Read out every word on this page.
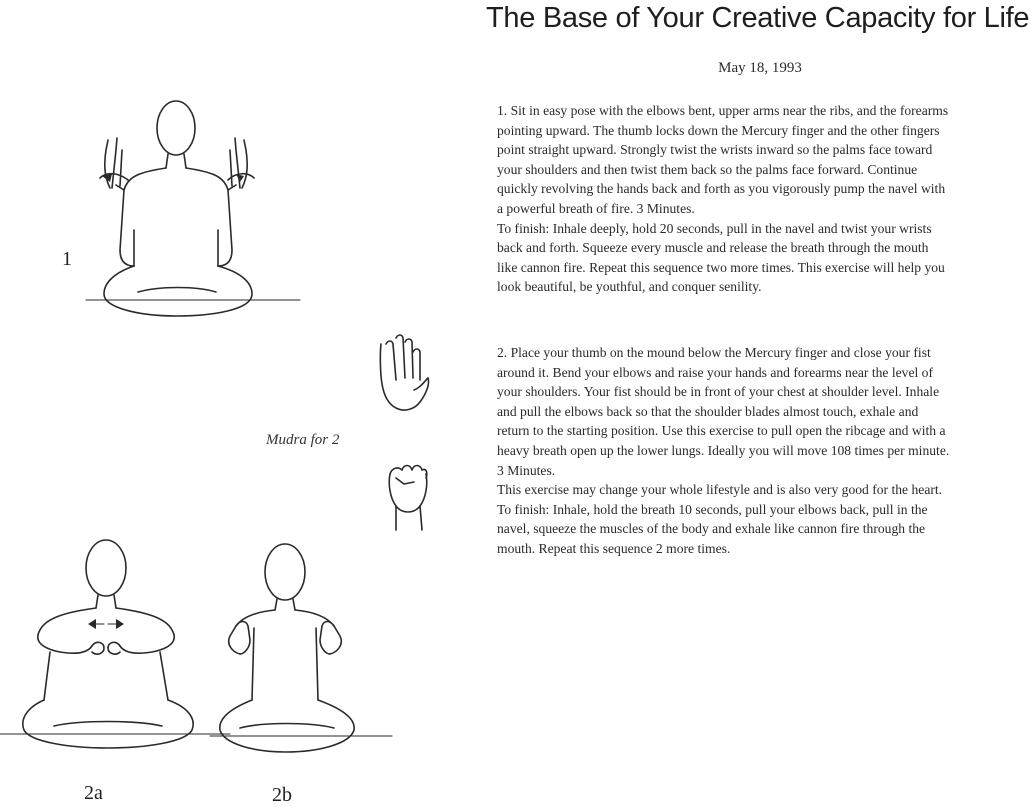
The Base of Your Creative Capacity for Life
May 18, 1993

1. Sit in easy pose with the elbows bent, upper arms near the ribs, and the forearms

pointing upward. The thumb locks down the Mercury finger and the other fingers

point straight upward. Strongly twist the wrists inward so the palms face toward

your shoulders and then twist them back so the palms face forward. Continue

quickly revolving the hands back and forth as you vigorously pump the navel with

a powerful breath of fire. 3 Minutes.

To finish: Inhale deeply, hold 20 seconds, pull in the navel and twist your wrists

back and forth. Squeeze every muscle and release the breath through the mouth

like cannon fire. Repeat this sequence two more times. This exercise will help you

look beautiful, be youthful, and conquer senility.

2. Place your thumb on the mound below the Mercury finger and close your fist

around it. Bend your elbows and raise your hands and forearms near the level of

your shoulders. Your fist should be in front of your chest at shoulder level. Inhale

and pull the elbows back so that the shoulder blades almost touch, exhale and

return to the starting position. Use this exercise to pull open the ribcage and with a

heavy breath open up the lower lungs. Ideally you will move 108 times per minute.

3 Minutes.

This exercise may change your whole lifestyle and is also very good for the heart.

To finish: Inhale, hold the breath 10 seconds, pull your elbows back, pull in the

navel, squeeze the muscles of the body and exhale like cannon fire through the

mouth. Repeat this sequence 2 more times.

1
Mudra for 2
2a	2b
